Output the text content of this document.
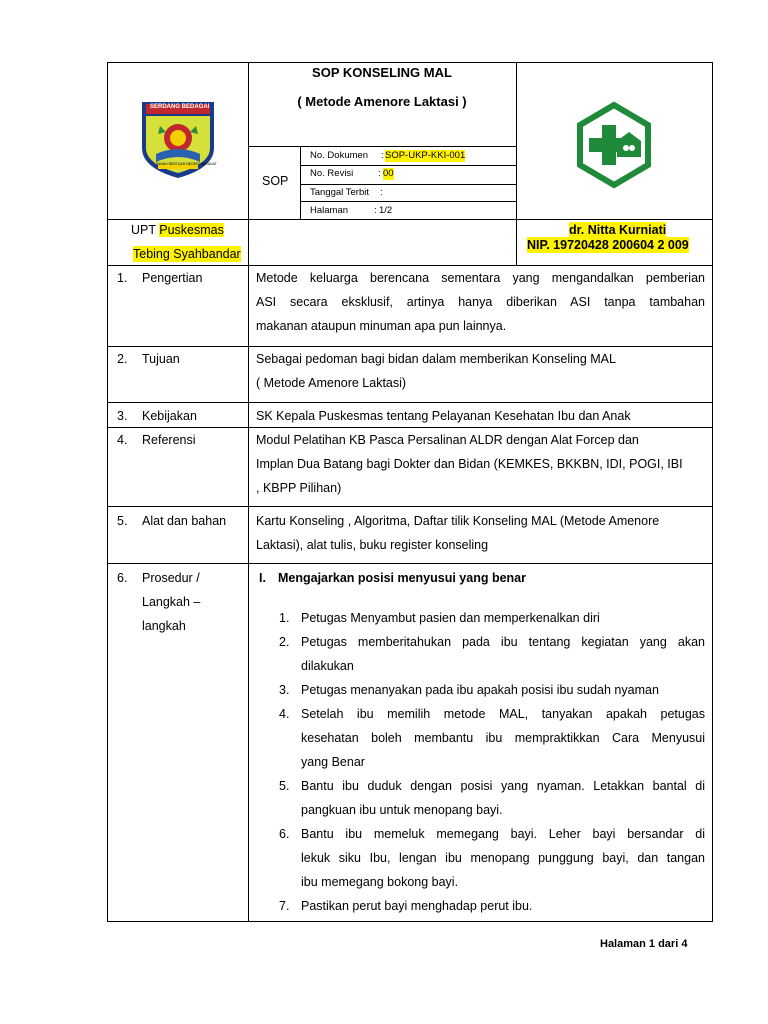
SERDANG BEDAGAI
TANAH BERTUAH NEGERI BERADAT
SOP KONSELING MAL
( Metode Amenore Laktasi )
SOP
No. Dokumen : SOP-UKP-KKI-001
No. Revisi	: 00
Tanggal Terbit :
Halaman	: 1/2
UPT Puskesmas
Tebing Syahbandar
dr. Nitta Kurniati
NIP. 19720428 200604 2 009
1. Pengertian	Metode keluarga berencana sementara yang mengandalkan pemberian
ASI secara eksklusif, artinya hanya diberikan ASI tanpa tambahan
makanan ataupun minuman apa pun lainnya.
2. Tujuan	Sebagai pedoman bagi bidan dalam memberikan Konseling MAL
( Metode Amenore Laktasi)
3. Kebijakan	SK Kepala Puskesmas tentang Pelayanan Kesehatan Ibu dan Anak
4. Referensi	Modul Pelatihan KB Pasca Persalinan ALDR dengan Alat Forcep dan
Implan Dua Batang bagi Dokter dan Bidan (KEMKES, BKKBN, IDI, POGI, IBI
, KBPP Pilihan)
5. Alat dan bahan Kartu Konseling , Algoritma, Daftar tilik Konseling MAL (Metode Amenore
Laktasi), alat tulis, buku register konseling
6. Prosedur /
Langkah –
langkah
I. Mengajarkan posisi menyusui yang benar
1. Petugas Menyambut pasien dan memperkenalkan diri
2. Petugas memberitahukan pada ibu tentang kegiatan yang akan
dilakukan
3. Petugas menanyakan pada ibu apakah posisi ibu sudah nyaman
4. Setelah ibu memilih metode MAL, tanyakan apakah petugas
kesehatan boleh membantu ibu mempraktikkan Cara Menyusui
yang Benar
5. Bantu ibu duduk dengan posisi yang nyaman. Letakkan bantal di
pangkuan ibu untuk menopang bayi.
6. Bantu ibu memeluk memegang bayi. Leher bayi bersandar di
lekuk siku Ibu, lengan ibu menopang punggung bayi, dan tangan
ibu memegang bokong bayi.
7. Pastikan perut bayi menghadap perut ibu.
Halaman 1 dari 4
